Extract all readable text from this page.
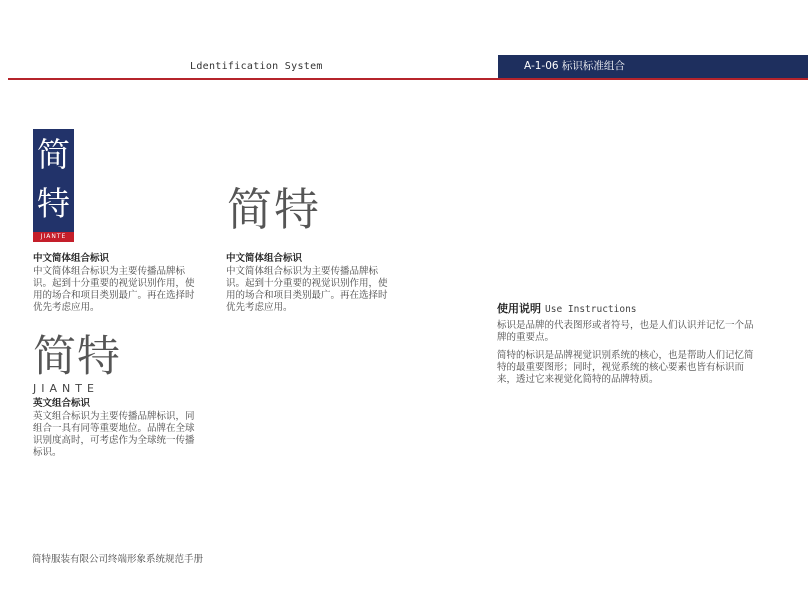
Ldentification System	A-1-06 标识标准组合
简
特
JIANTE
简特
简特
JIANTE
中文简体组合标识

中文简体组合标识为主要传播品牌标识。起到十分重要的视觉识别作用，使用的场合和项目类别最广。再在选择时优先考虑应用。

中文简体组合标识

中文简体组合标识为主要传播品牌标识。起到十分重要的视觉识别作用，使用的场合和项目类别最广。再在选择时优先考虑应用。

英文组合标识

英文组合标识为主要传播品牌标识，同组合一具有同等重要地位。品牌在全球识别度高时，可考虑作为全球统一传播标识。

使用说明 Use Instructions

标识是品牌的代表图形或者符号，也是人们认识并记忆一个品牌的重要点。

简特的标识是品牌视觉识别系统的核心，也是帮助人们记忆简特的最重要图形；同时，视觉系统的核心要素也皆有标识而来，透过它来视觉化简特的品牌特质。

简特服装有限公司终端形象系统规范手册
